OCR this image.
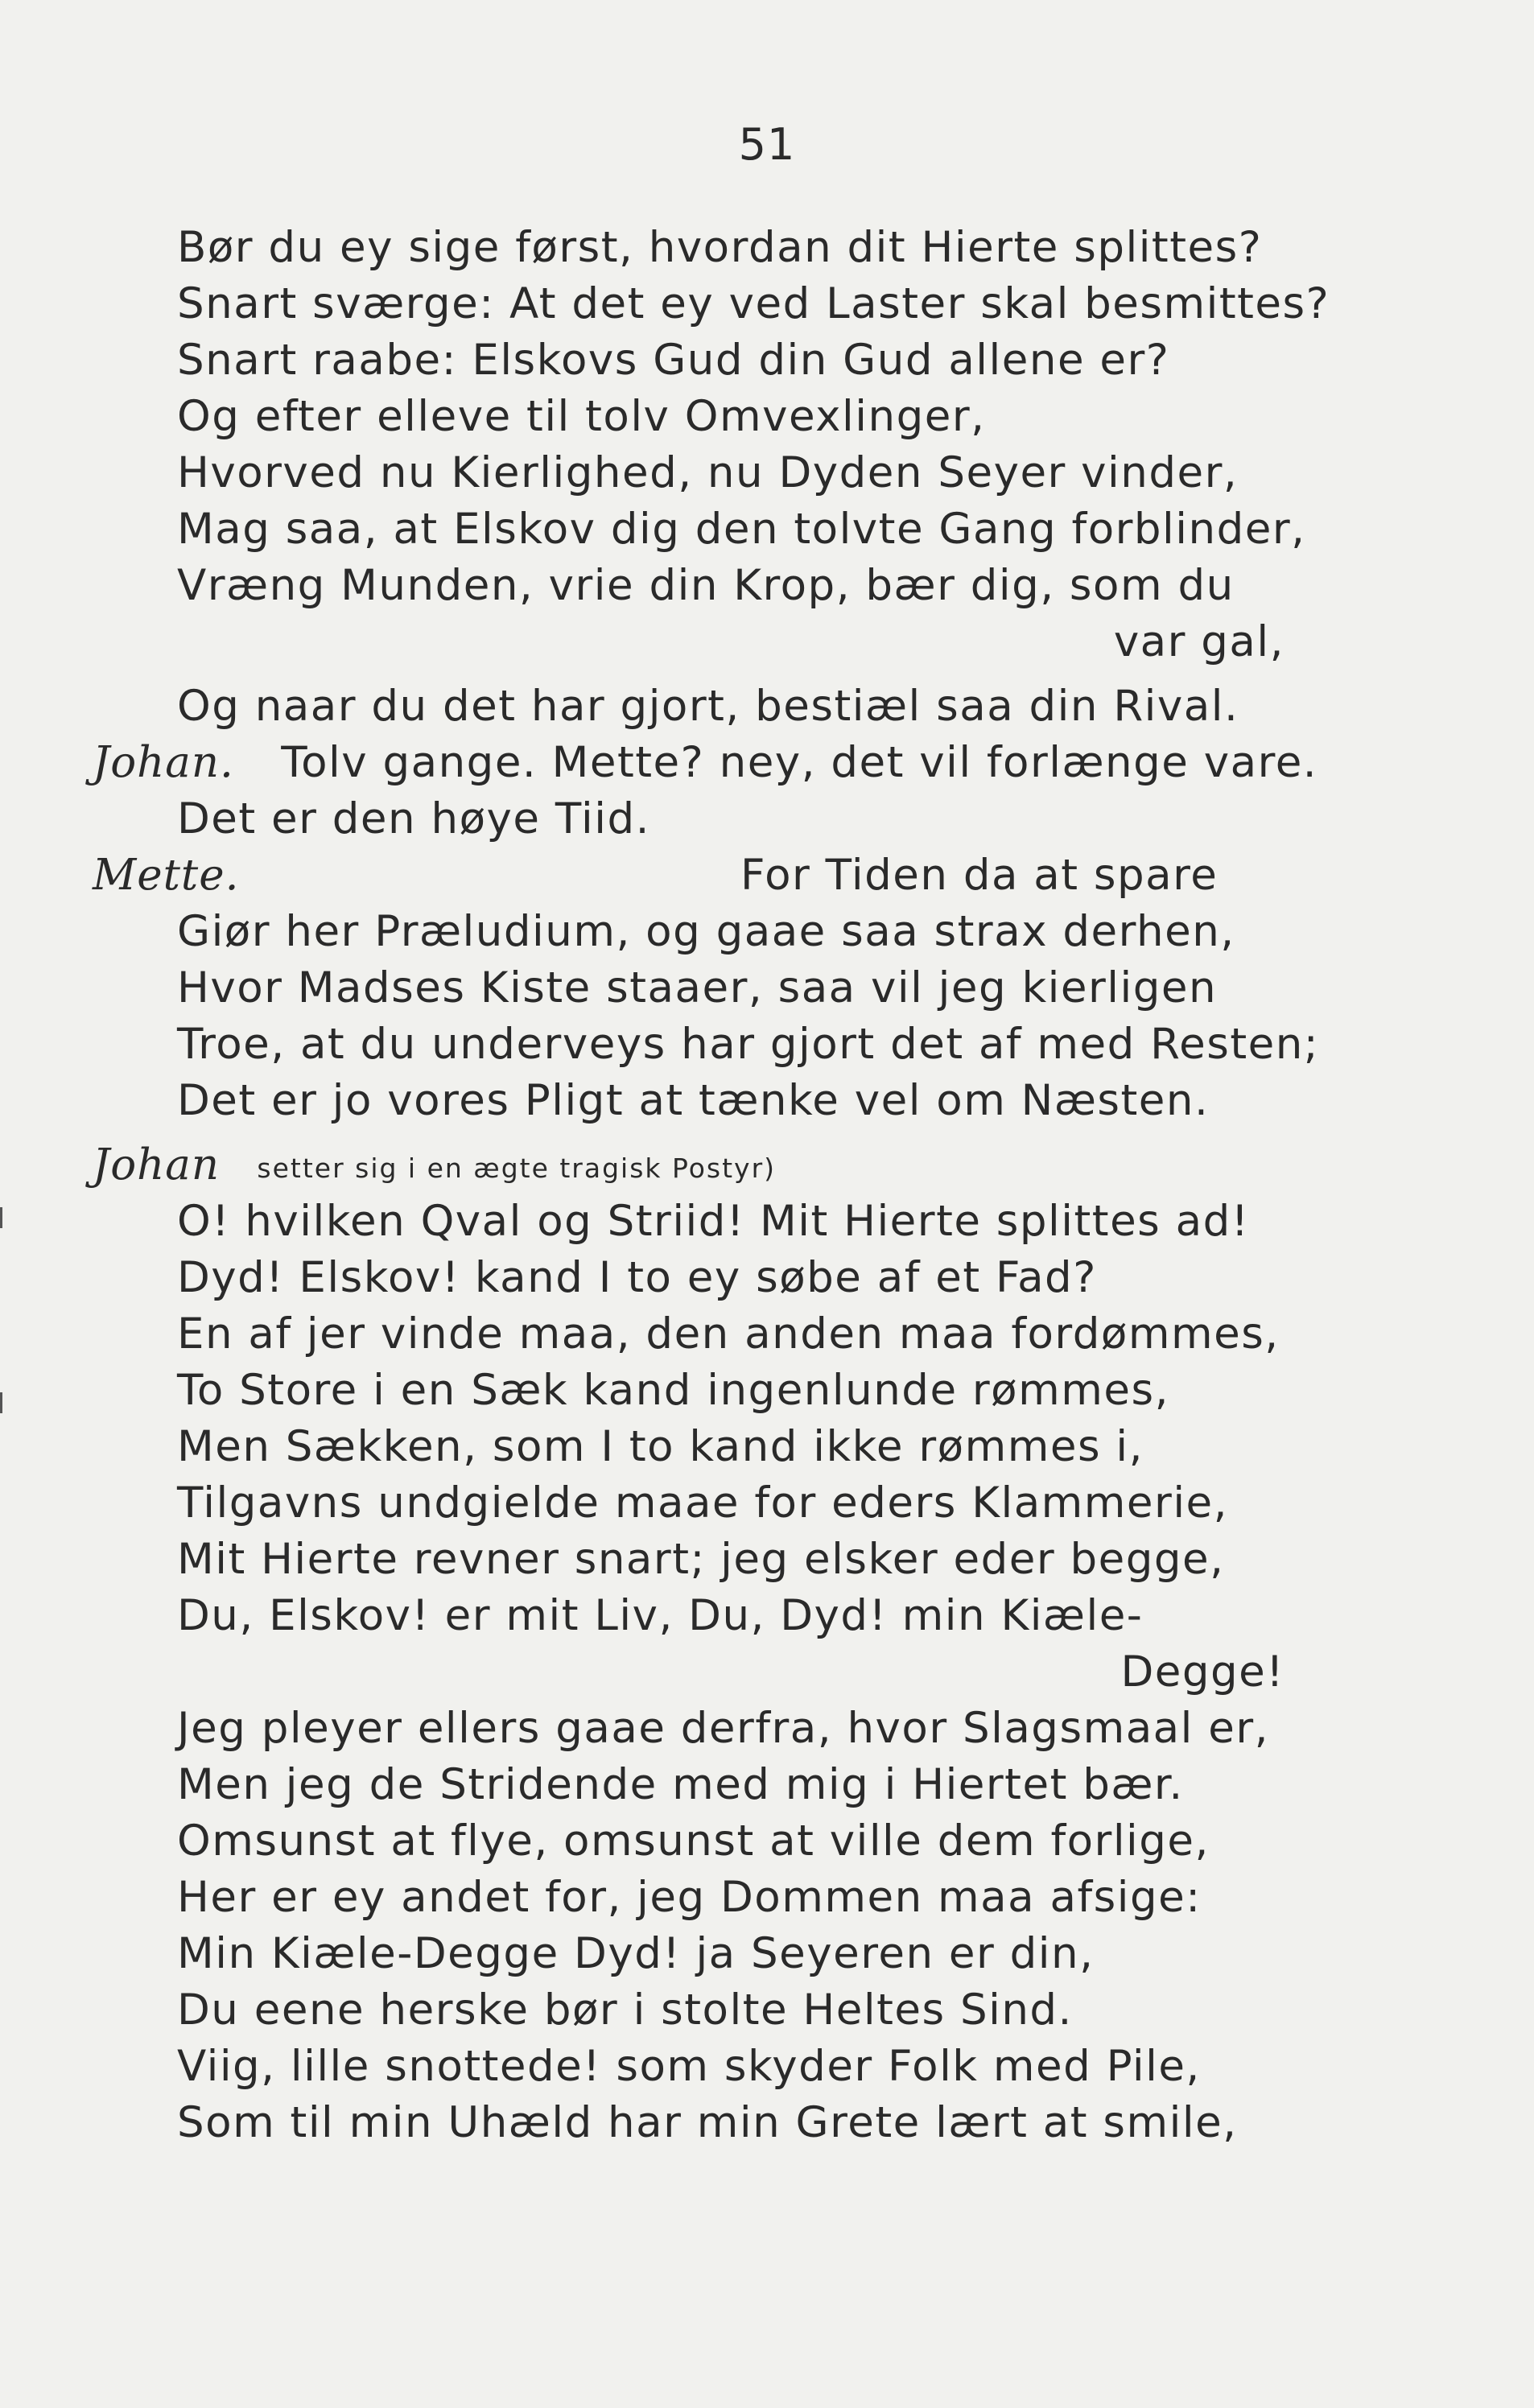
51
Bør du ey sige først, hvordan dit Hierte splittes?
Snart sværge: At det ey ved Laster skal besmittes?
Snart raabe: Elskovs Gud din Gud allene er?
Og efter elleve til tolv Omvexlinger,
Hvorved nu Kierlighed, nu Dyden Seyer vinder,
Mag saa, at Elskov dig den tolvte Gang forblinder,
Vræng Munden, vrie din Krop, bær dig, som du
var gal,
Og naar du det har gjort, bestiæl saa din Rival.
Johan. Tolv gange. Mette? ney, det vil forlænge vare.
Det er den høye Tiid.
Mette.	For Tiden da at spare
Giør her Præludium, og gaae saa strax derhen,
Hvor Madses Kiste staaer, saa vil jeg kierligen
Troe, at du underveys har gjort det af med Resten;
Det er jo vores Pligt at tænke vel om Næsten.
Johan setter sig i en ægte tragisk Postyr)
O! hvilken Qval og Striid! Mit Hierte splittes ad!
Dyd! Elskov! kand I to ey søbe af et Fad?
En af jer vinde maa, den anden maa fordømmes,
To Store i en Sæk kand ingenlunde rømmes,
Men Sækken, som I to kand ikke rømmes i,
Tilgavns undgielde maae for eders Klammerie,
Mit Hierte revner snart; jeg elsker eder begge,
Du, Elskov! er mit Liv, Du, Dyd! min Kiæle-
Degge!
Jeg pleyer ellers gaae derfra, hvor Slagsmaal er,
Men jeg de Stridende med mig i Hiertet bær.
Omsunst at flye, omsunst at ville dem forlige,
Her er ey andet for, jeg Dommen maa afsige:
Min Kiæle-Degge Dyd! ja Seyeren er din,
Du eene herske bør i stolte Heltes Sind.
Viig, lille snottede! som skyder Folk med Pile,
Som til min Uhæld har min Grete lært at smile,
